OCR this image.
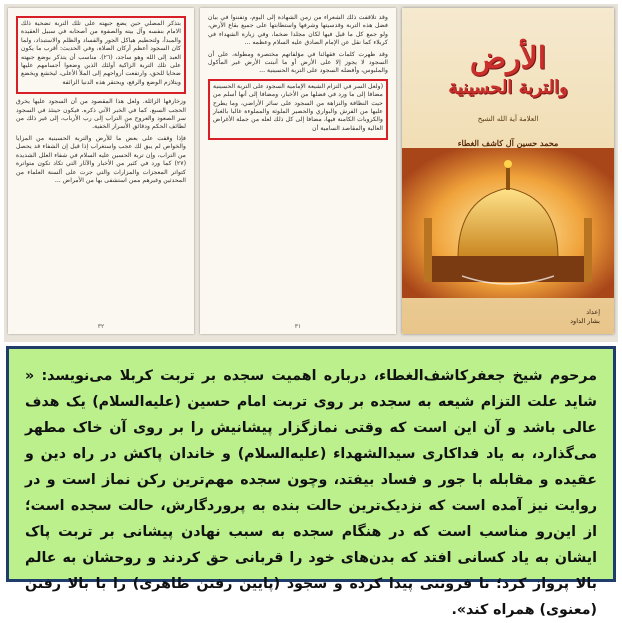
بتذكر المصلي حين يضع جبهته على تلك التربة تضحية ذلك الامام بنفسه وآل بيته والصفوة من أصحابه في سبيل العقيدة والمبدأ، ولتحطيم هياكل الجور والفساد والظلم والاستبداد، ولما كان السجود أعظم أركان الصلاة، وفي الحديث: أقرب ما يكون العبد إلى الله وهو ساجد، (٢٦). مناسب أن يتذكر بوضع جبهته على تلك التربة الزاكية أولئك الذين وضعوا أجسامهم عليها ضحايا للحق، وارتفعت أرواحهم إلى الملأ الأعلى، ليخشع ويخضع ويتلازم الوضع والرفع، ويحتقر هذه الدنيا الزائفة

وزخارفها الزائلة. ولعل هذا المقصود من أن السجود عليها يخرق الحجب السبع. كما في الخبر الآتي ذكره. فيكون حينئذ في السجود سر الصعود والعروج من التراب إلى رب الأرباب، إلى غير ذلك من لطائف الحكم ودقائق الأسرار الخفية.

فإذا وقفت على بعض ما للأرض والتربة الحسينية من المزايا والخواص لم يبق لك عجب واستغراب إذا قيل إن الشفاء قد يحصل من التراب، وإن تربة الحسين عليه السلام في شفاء العلل الشديدة (٢٧) كما ورد في كثير من الأخبار والآثار التي تكاد تكون متواترة كتواتر المعجزات والمزارات والتي جرت على ألسنة العلماء من المحدثين وغيرهم ممن استشفى بها من الأمراض ...

٣٢

وقد تلاقفت ذلك الشعراء من زمن الشهادة إلى اليوم، وتفننوا في بيان فضل هذه التربة وقدسيتها وشرفها واستطابتها على جميع بقاع الأرض، ولو جمع كل ما قيل فيها لكان مجلدا ضخما، وفي زيارة الشهداء في كربلاء كما نقل عن الإمام الصادق عليه السلام وعظمه ...

وقد ظهرت كلمات فقهائنا في مؤلفاتهم مختصرة ومطولة، على أن السجود لا يجوز إلا على الأرض أو ما أنبتت الأرض غير المأكول والملبوس، وأفضله السجود على التربة الحسينية ...

(ولعل السر في التزام الشيعة الإمامية السجود على التربة الحسينية مضافا إلى ما ورد في فضلها من الأخبار، ومضافا إلى أنها أسلم من حيث النظافة والنزاهة من السجود على سائر الأراضي، وما يطرح عليها من الفرش والبواري والحصير الملوثة والمملوءة غالبا بالغبار والكروبات الكامنة فيها، مضافا إلى كل ذلك لعله من جملة الأغراض العالية والمقاصد السامية أن

٣١
الأرض
والتربة الحسينية
العلامة آية الله الشيخ
محمد حسين آل كاشف الغطاء
إعداد
بشار الداود
مرحوم شیخ جعفرکاشف‌الغطاء، درباره اهمیت سجده بر تربت کربلا می‌نویسد: « شاید علت التزام شیعه به سجده بر روی تربت امام حسین (علیه‌السلام) یک هدف عالی باشد و آن این است که وقتی نمازگزار پیشانیش را بر روی آن خاک مطهر می‌گذارد، به یاد فداکاری سیدالشهداء (علیه‌السلام) و خاندان پاکش در راه دین و عقیده و مقابله با جور و فساد بیفتد، وچون سجده مهم‌ترین رکن نماز است و در روایت نیز آمده است که نزدیک‌ترین حالت بنده به پروردگارش، حالت سجده است؛ از این‌رو مناسب است که در هنگام سجده به سبب نهادن پیشانی بر تربت پاک ایشان به یاد کسانی افتد که بدن‌های خود را قربانی حق کردند و روحشان به عالم بالا پرواز کرد؛ تا فروتنی پیدا کرده و سجود (پایین رفتن ظاهری) را با بالا رفتن (معنوی) همراه کند».
